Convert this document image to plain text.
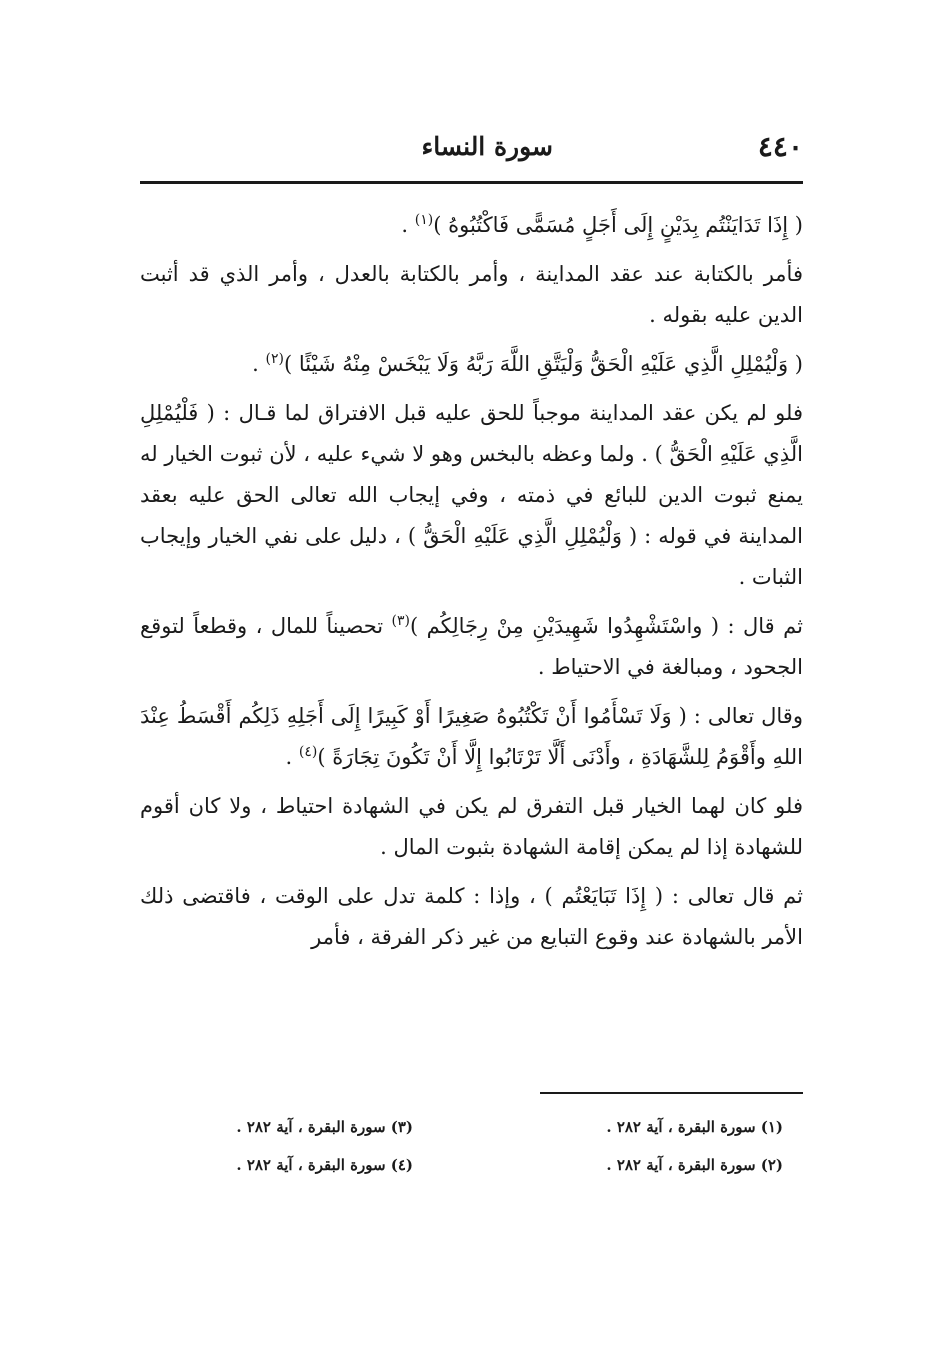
٤٤٠
سورة النساء

( إِذَا تَدَايَنْتُم بِدَيْنٍ إِلَى أَجَلٍ مُسَمًّى فَاكْتُبُوهُ )$^{(١)}$ .

فأمر بالكتابة عند عقد المداينة ، وأمر بالكتابة بالعدل ، وأمر الذي قد أثبت الدين عليه بقوله .

( وَلْيُمْلِلِ الَّذِي عَلَيْهِ الْحَقُّ وَلْيَتَّقِ اللَّهَ رَبَّهُ وَلَا يَبْخَسْ مِنْهُ شَيْئًا )$^{(٢)}$ .

فلو لم يكن عقد المداينة موجباً للحق عليه قبل الافتراق لما قـال : ( فَلْيُمْلِلِ الَّذِي عَلَيْهِ الْحَقُّ ) . ولما وعظه بالبخس وهو لا شيء عليه ، لأن ثبوت الخيار له يمنع ثبوت الدين للبائع في ذمته ، وفي إيجاب الله تعالى الحق عليه بعقد المداينة في قوله : ( وَلْيُمْلِلِ الَّذِي عَلَيْهِ الْحَقُّ ) ، دليل على نفي الخيار وإيجاب الثبات .

ثم قال : ( واسْتَشْهِدُوا شَهِيدَيْنِ مِنْ رِجَالِكُم )$^{(٣)}$ تحصيناً للمال ، وقطعاً لتوقع الجحود ، ومبالغة في الاحتياط .

وقال تعالى : ( وَلَا تَسْأَمُوا أَنْ تَكْتُبُوهُ صَغِيرًا أَوْ كَبِيرًا إِلَى أَجَلِهِ ذَلِكُم أَقْسَطُ عِنْدَ اللهِ وأَقْوَمُ لِلشَّهَادَةِ ، وأَدْنَى أَلَّا تَرْتَابُوا إِلَّا أَنْ تَكُونَ تِجَارَةً )$^{(٤)}$ .

فلو كان لهما الخيار قبل التفرق لم يكن في الشهادة احتياط ، ولا كان أقوم للشهادة إذا لم يمكن إقامة الشهادة بثبوت المال .

ثم قال تعالى : ( إِذَا تَبَايَعْتُم ) ، وإذا : كلمة تدل على الوقت ، فاقتضى ذلك الأمر بالشهادة عند وقوع التبايع من غير ذكر الفرقة ، فأمر

(١) سورة البقرة ، آية ٢٨٢ .
(٢) سورة البقرة ، آية ٢٨٢ .
(٣) سورة البقرة ، آية ٢٨٢ .
(٤) سورة البقرة ، آية ٢٨٢ .
